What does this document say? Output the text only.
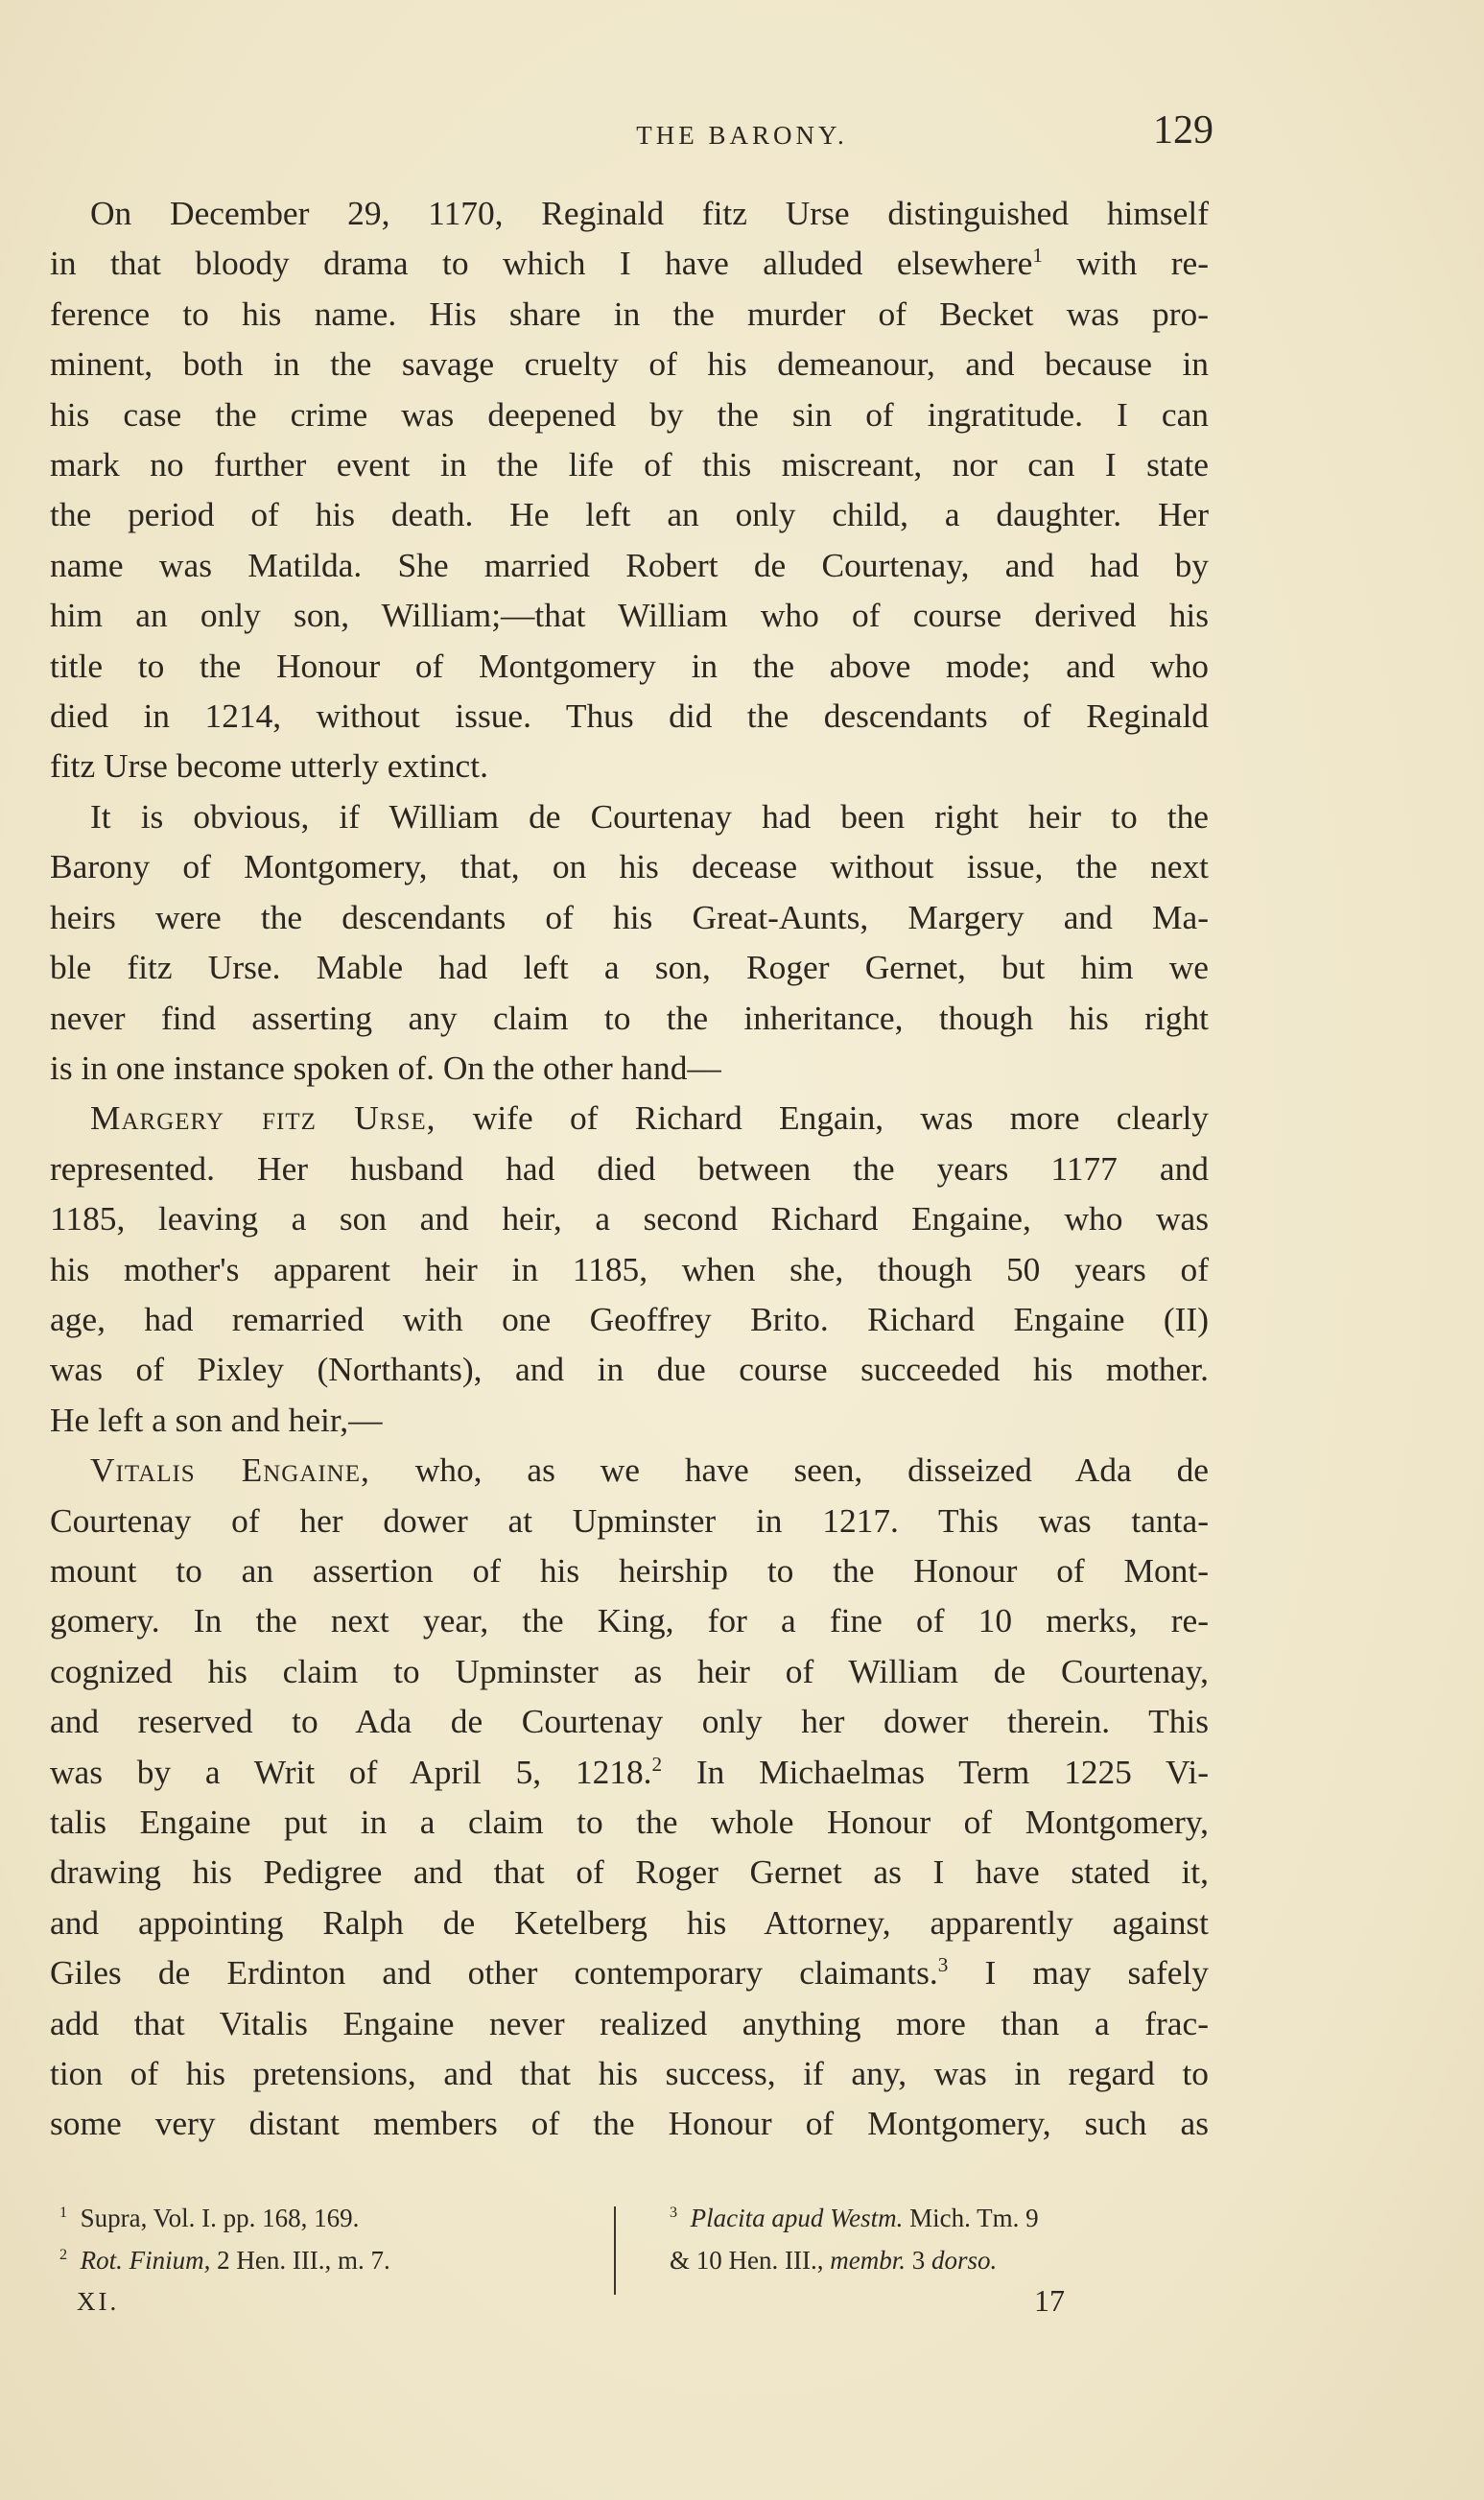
THE BARONY.	129
On December 29, 1170, Reginald fitz Urse distinguished himself
in that bloody drama to which I have alluded elsewhere$^1$ with re-
ference to his name. His share in the murder of Becket was pro-
minent, both in the savage cruelty of his demeanour, and because in
his case the crime was deepened by the sin of ingratitude. I can
mark no further event in the life of this miscreant, nor can I state
the period of his death. He left an only child, a daughter. Her
name was Matilda. She married Robert de Courtenay, and had by
him an only son, William;—that William who of course derived his
title to the Honour of Montgomery in the above mode; and who
died in 1214, without issue. Thus did the descendants of Reginald
fitz Urse become utterly extinct.
It is obvious, if William de Courtenay had been right heir to the
Barony of Montgomery, that, on his decease without issue, the next
heirs were the descendants of his Great-Aunts, Margery and Ma-
ble fitz Urse. Mable had left a son, Roger Gernet, but him we
never find asserting any claim to the inheritance, though his right
is in one instance spoken of. On the other hand—
Margery fitz Urse, wife of Richard Engain, was more clearly
represented. Her husband had died between the years 1177 and
1185, leaving a son and heir, a second Richard Engaine, who was
his mother's apparent heir in 1185, when she, though 50 years of
age, had remarried with one Geoffrey Brito. Richard Engaine (II)
was of Pixley (Northants), and in due course succeeded his mother.
He left a son and heir,—
Vitalis Engaine, who, as we have seen, disseized Ada de
Courtenay of her dower at Upminster in 1217. This was tanta-
mount to an assertion of his heirship to the Honour of Mont-
gomery. In the next year, the King, for a fine of 10 merks, re-
cognized his claim to Upminster as heir of William de Courtenay,
and reserved to Ada de Courtenay only her dower therein. This
was by a Writ of April 5, 1218.$^2$ In Michaelmas Term 1225 Vi-
talis Engaine put in a claim to the whole Honour of Montgomery,
drawing his Pedigree and that of Roger Gernet as I have stated it,
and appointing Ralph de Ketelberg his Attorney, apparently against
Giles de Erdinton and other contemporary claimants.$^3$ I may safely
add that Vitalis Engaine never realized anything more than a frac-
tion of his pretensions, and that his success, if any, was in regard to
some very distant members of the Honour of Montgomery, such as
$^1$ Supra, Vol. I. pp. 168, 169.
$^2$ Rot. Finium, 2 Hen. III., m. 7.
$^3$ Placita apud Westm. Mich. Tm. 9
& 10 Hen. III., membr. 3 dorso.
XI.	17
